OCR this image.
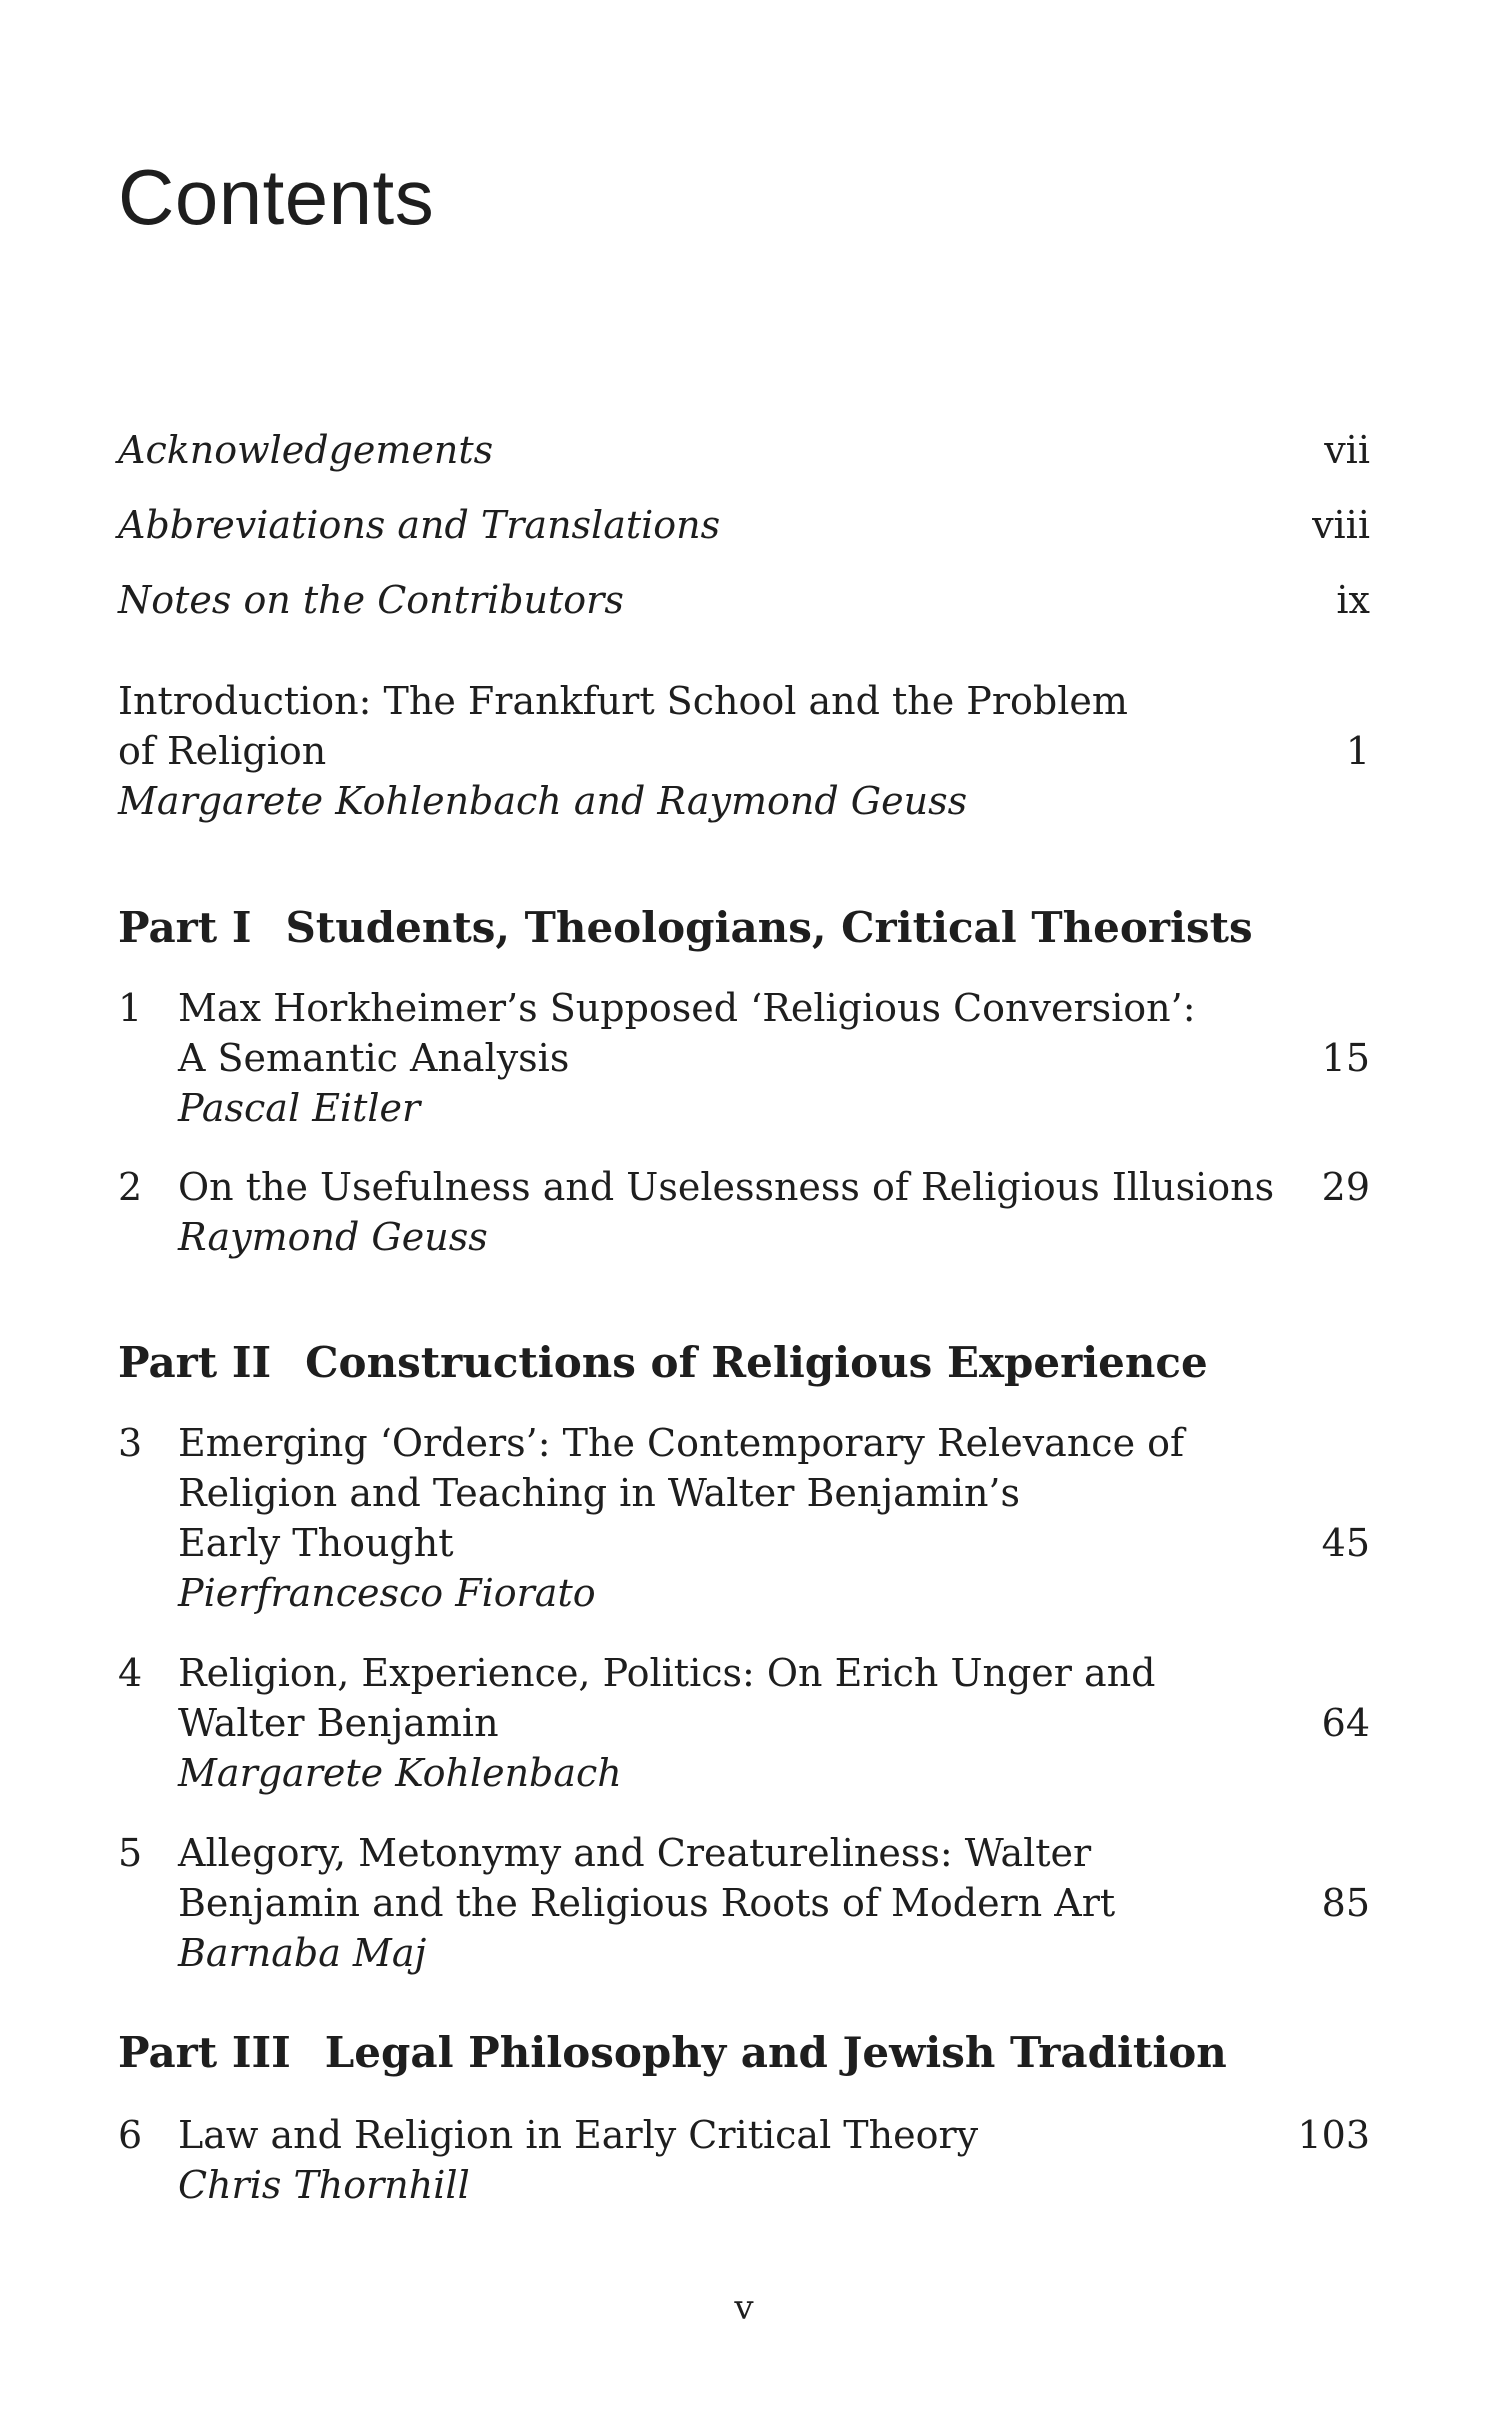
Contents
Acknowledgements	vii
Abbreviations and Translations	viii
Notes on the Contributors	ix
Introduction: The Frankfurt School and the Problem
of Religion	1
Margarete Kohlenbach and Raymond Geuss
Part I Students, Theologians, Critical Theorists
1 Max Horkheimer’s Supposed ‘Religious Conversion’:
A Semantic Analysis	15
Pascal Eitler
2 On the Usefulness and Uselessness of Religious Illusions 29
Raymond Geuss
Part II Constructions of Religious Experience
3 Emerging ‘Orders’: The Contemporary Relevance of
Religion and Teaching in Walter Benjamin’s
Early Thought	45
Pierfrancesco Fiorato
4 Religion, Experience, Politics: On Erich Unger and
Walter Benjamin	64
Margarete Kohlenbach
5 Allegory, Metonymy and Creatureliness: Walter
Benjamin and the Religious Roots of Modern Art	85
Barnaba Maj
Part III Legal Philosophy and Jewish Tradition
6 Law and Religion in Early Critical Theory	103
Chris Thornhill
v
